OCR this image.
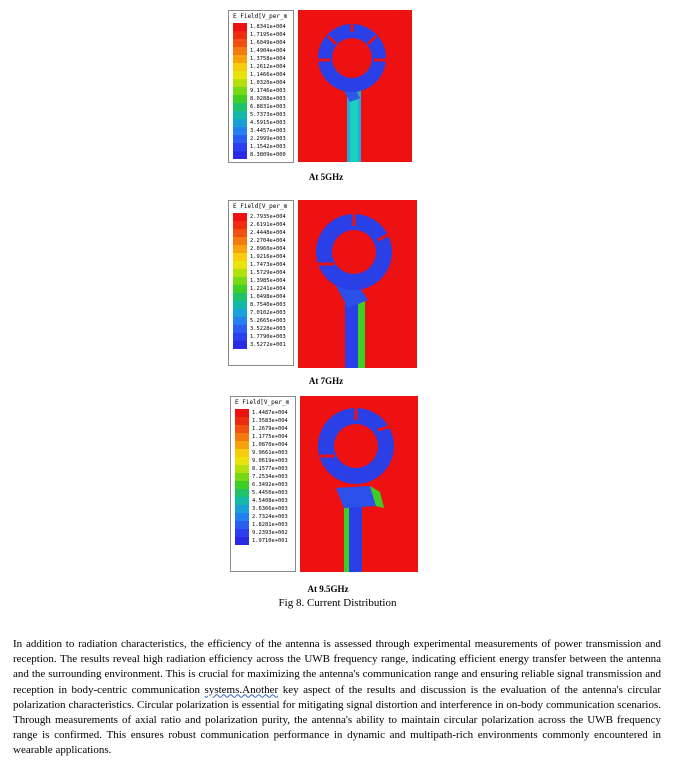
E Field[V_per_m
1.8341e+004
1.7195e+004
1.6049e+004
1.4904e+004
1.3758e+004
1.2612e+004
1.1466e+004
1.0320e+004
9.1746e+003
8.0288e+003
6.8831e+003
5.7373e+003
4.5915e+003
3.4457e+003
2.2999e+003
1.1542e+003
8.3809e+000
At 5GHz
E Field[V_per_m
2.7935e+004
2.6191e+004
2.4448e+004
2.2704e+004
2.0960e+004
1.9216e+004
1.7473e+004
1.5729e+004
1.3985e+004
1.2241e+004
1.0498e+004
8.7540e+003
7.0102e+003
5.2665e+003
3.5228e+003
1.7790e+003
3.5272e+001
At 7GHz
E Field[V_per_m
1.4487e+004
1.3583e+004
1.2679e+004
1.1775e+004
1.0870e+004
9.9661e+003
9.0619e+003
8.1577e+003
7.2534e+003
6.3492e+003
5.4450e+003
4.5408e+003
3.6366e+003
2.7324e+003
1.8281e+003
9.2393e+002
1.9710e+001
At 9.5GHz
Fig 8. Current Distribution

In addition to radiation characteristics, the efficiency of the antenna is assessed through experimental measurements of power transmission and reception. The results reveal high radiation efficiency across the UWB frequency range, indicating efficient energy transfer between the antenna and the surrounding environment. This is crucial for maximizing the antenna's communication range and ensuring reliable signal transmission and reception in body-centric communication systems.Another key aspect of the results and discussion is the evaluation of the antenna's circular polarization characteristics. Circular polarization is essential for mitigating signal distortion and interference in on-body communication scenarios. Through measurements of axial ratio and polarization purity, the antenna's ability to maintain circular polarization across the UWB frequency range is confirmed. This ensures robust communication performance in dynamic and multipath-rich environments commonly encountered in wearable applications.
